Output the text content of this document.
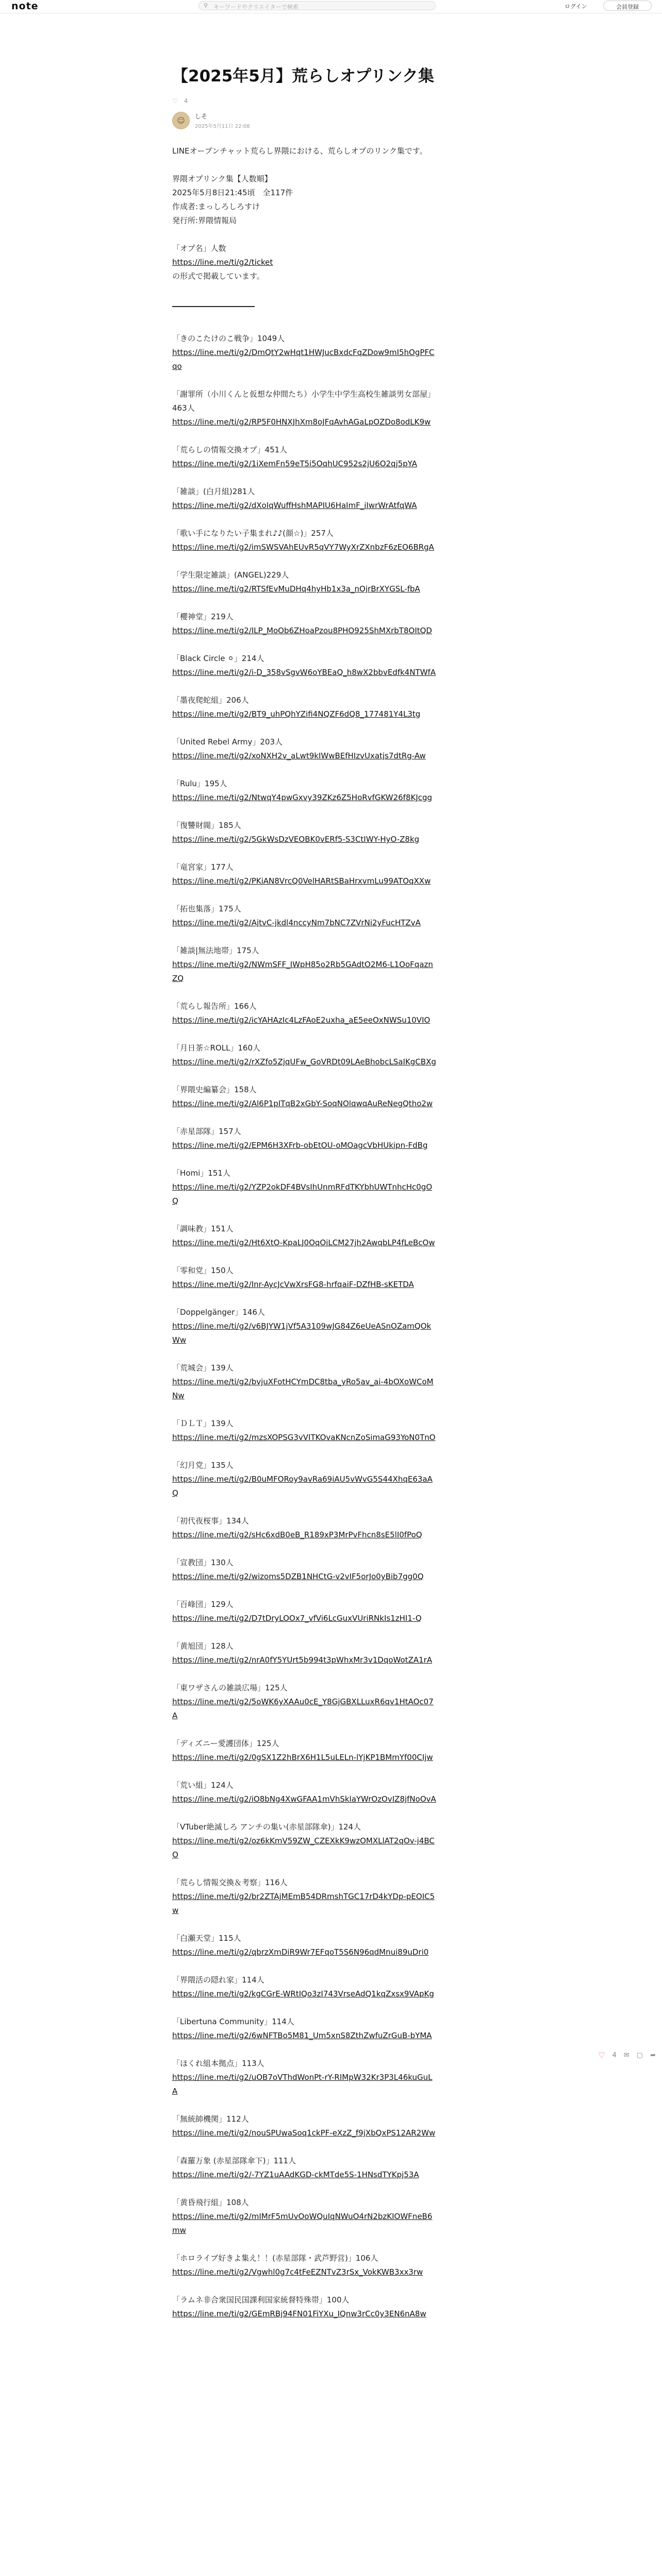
note	⚲ キーワードやクリエイターで検索	ログイン	会員登録
【2025年5月】荒らしオプリンク集
♡ 4
☺	しそ
2025年5月11日 22:08
LINEオープンチャット荒らし界隈における、荒らしオプのリンク集です。
界隈オプリンク集【人数順】
2025年5月8日21:45頃　全117件
作成者:まっしろしろすけ
発行所:界隈情報局
「オプ名」人数
https://line.me/ti/g2/ticket
の形式で掲載しています。
「きのこたけのこ戦争」1049人
https://line.me/ti/g2/DmQtY2wHqt1HWJucBxdcFqZDow9mI5hOgPFCqo
「謝罪所（小川くんと仮想な仲間たち）小学生中学生高校生雑談男女部屋」463人
https://line.me/ti/g2/RP5F0HNXJhXm8oJFqAvhAGaLpOZDo8odLK9w
「荒らしの情報交換オプ」451人
https://line.me/ti/g2/1iXemFn59eT5i5OqhUC952s2jU6O2qj5pYA
「雑談」(白月組)281人
https://line.me/ti/g2/dXoIqWuffHshMAPIU6HaImF_iIwrWrAtfqWA
「歌い手になりたい子集まれ♪♪(顔☆)」257人
https://line.me/ti/g2/imSWSVAhEUvR5qVY7WyXrZXnbzF6zEO6BRgA
「学生限定雑談」(ANGEL)229人
https://line.me/ti/g2/RTSfEvMuDHq4hyHb1x3a_nOjrBrXYGSL-fbA
「櫻神堂」219人
https://line.me/ti/g2/ILP_MoOb6ZHoaPzou8PHO925ShMXrbT8OItQD
「Black Circle ⚪」214人
https://line.me/ti/g2/i-D_358vSgvW6oYBEaQ_h8wX2bbvEdfk4NTWfA
「墨夜爬蛇組」206人
https://line.me/ti/g2/BT9_uhPQhYZifi4NQZF6dQ8_177481Y4L3tg
「United Rebel Army」203人
https://line.me/ti/g2/xoNXH2v_aLwt9kIWwBEfHIzvUxatjs7dtRg-Aw
「Rulu」195人
https://line.me/ti/g2/NtwqY4pwGxvy39ZKz6Z5HoRvfGKW26f8KJcgg
「復讐財閥」185人
https://line.me/ti/g2/5GkWsDzVEOBK0vERf5-S3CtIWY-HyO-Z8kg
「竜宮家」177人
https://line.me/ti/g2/PKiAN8VrcQ0VelHARtSBaHrxvmLu99ATOqXXw
「拓也集落」175人
https://line.me/ti/g2/AjtvC-jkdl4nccyNm7bNC7ZVrNi2yFucHTZvA
「雑談|無法地帯」175人
https://line.me/ti/g2/NWmSFF_IWpH85o2Rb5GAdtO2M6-L1OoFqaznZQ
「荒らし報告所」166人
https://line.me/ti/g2/icYAHAzIc4LzFAoE2uxha_aE5eeOxNWSu10VIO
「月日茶☆ROLL」160人
https://line.me/ti/g2/rXZfo5ZjqUFw_GoVRDt09LAeBhobcLSaIKgCBXg
「界隈史編纂会」158人
https://line.me/ti/g2/Al6P1pITqB2xGbY-SoqNOlqwqAuReNegQtho2w
「赤星部隊」157人
https://line.me/ti/g2/EPM6H3XFrb-obEtOU-oMOagcVbHUkipn-FdBg
「Homi」151人
https://line.me/ti/g2/YZP2okDF4BVsIhUnmRFdTKYbhUWTnhcHc0gOQ
「調味教」151人
https://line.me/ti/g2/Ht6XtO-KpaLJ0OqOiLCM27jh2AwqbLP4fLeBcOw
「零和党」150人
https://line.me/ti/g2/Inr-AycJcVwXrsFG8-hrfqaiF-DZfHB-sKETDA
「Doppelgänger」146人
https://line.me/ti/g2/v6BJYW1jVf5A3109wJG84Z6eUeASnOZamQOkWw
「荒城会」139人
https://line.me/ti/g2/bvjuXFotHCYmDC8tba_yRo5av_ai-4bOXoWCoMNw
「ＤＬＴ」139人
https://line.me/ti/g2/mzsXOPSG3vVITKOvaKNcnZoSimaG93YoN0TnO
「幻月党」135人
https://line.me/ti/g2/B0uMFORoy9avRa69iAU5vWvG5S44XhqE63aAQ
「初代夜桜事」134人
https://line.me/ti/g2/sHc6xdB0eB_R189xP3MrPvFhcn8sE5lI0fPoQ
「宣教団」130人
https://line.me/ti/g2/wizoms5DZB1NHCtG-v2vIF5orJo0yBib7gg0Q
「百峰団」129人
https://line.me/ti/g2/D7tDryLOOx7_vfVi6LcGuxVUriRNkIs1zHI1-Q
「黄旭団」128人
https://line.me/ti/g2/nrA0fY5YUrt5b994t3pWhxMr3v1DqoWotZA1rA
「東ワザさんの雑談広場」125人
https://line.me/ti/g2/5oWK6yXAAu0cE_Y8GjGBXLLuxR6qv1HtAOc07A
「ディズニー愛護団体」125人
https://line.me/ti/g2/0gSX1Z2hBrX6H1L5uLELn-lYjKP1BMmYf00CIjw
「荒い組」124人
https://line.me/ti/g2/iO8bNg4XwGFAA1mVhSklaYWrOzOvIZ8jfNoOvA
「VTuber絶滅しろ アンチの集い(赤星部隊傘)」124人
https://line.me/ti/g2/oz6kKmV59ZW_CZEXkK9wzOMXLlAT2qOv-j4BCO
「荒らし情報交換＆考察」116人
https://line.me/ti/g2/br2ZTAjMEmB54DRmshTGC17rD4kYDp-pEOIC5w
「白瀬天堂」115人
https://line.me/ti/g2/qbrzXmDiR9Wr7EFqoT5S6N96qdMnui89uDri0
「界隈活の隠れ家」114人
https://line.me/ti/g2/kgCGrE-WRtIQo3zI743VrseAdQ1kqZxsx9VApKg
「Libertuna Community」114人
https://line.me/ti/g2/6wNFTBo5M81_Um5xnS8ZthZwfuZrGuB-bYMA
「ほくれ組本拠点」113人
https://line.me/ti/g2/uOB7oVThdWonPt-rY-RIMpW32Kr3P3L46kuGuLA
「無統帥機関」112人
https://line.me/ti/g2/nouSPUwaSoq1ckPF-eXzZ_f9jXbQxPS12AR2Ww
「森羅万象 (赤星部隊傘下)」111人
https://line.me/ti/g2/-7YZ1uAAdKGD-ckMTde5S-1HNsdTYKpj53A
「黄昏飛行組」108人
https://line.me/ti/g2/mIMrF5mUvOoWQuIqNWuO4rN2bzKIOWFneB6mw
「ホロライブ好きよ集え！！(赤星部隊・武芦野営)」106人
https://line.me/ti/g2/Vgwhl0g7c4tFeEZNTvZ3rSx_VokKWB3xx3rw
「ラムネ非合衆国民国課利国家統督特殊帯」100人
https://line.me/ti/g2/GEmRBj94FN01FiYXu_IQnw3rCc0y3EN6nA8w
♡ 4 ✉ ▢ ➦
